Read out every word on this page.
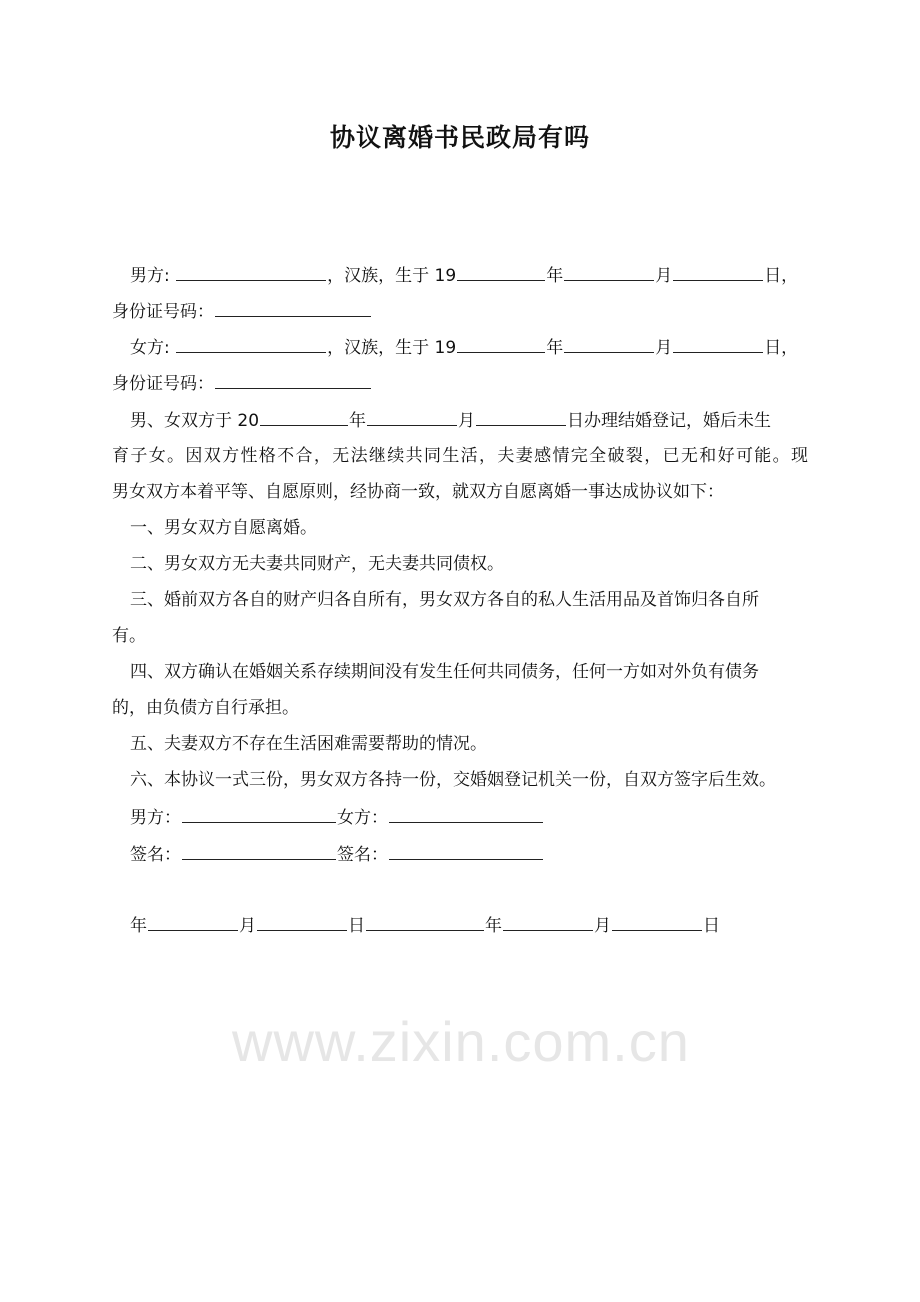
协议离婚书民政局有吗
www.zixin.com.cn
男方:	，汉族，生于 19	年	月	日，
身份证号码：
女方:	，汉族，生于 19	年	月	日，
身份证号码：
男、女双方于 20	年	月	日办理结婚登记，婚后未生
育子女。因双方性格不合，无法继续共同生活，夫妻感情完全破裂，已无和好可能。现
男女双方本着平等、自愿原则，经协商一致，就双方自愿离婚一事达成协议如下：
一、男女双方自愿离婚。
二、男女双方无夫妻共同财产，无夫妻共同债权。
三、婚前双方各自的财产归各自所有，男女双方各自的私人生活用品及首饰归各自所
有。
四、双方确认在婚姻关系存续期间没有发生任何共同债务，任何一方如对外负有债务
的，由负债方自行承担。
五、夫妻双方不存在生活困难需要帮助的情况。
六、本协议一式三份，男女双方各持一份，交婚姻登记机关一份，自双方签字后生效。
男方：	女方：
签名：	签名：
年	月	日	年	月	日
